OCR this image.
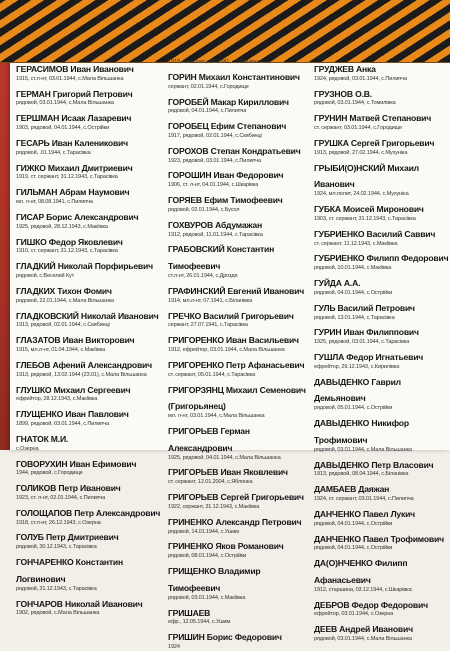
ГЕРАСИМОВ Иван Иванович
1915, ст.л-нт, 03.01.1944, с.Мала Вільшанка
ГЕРМАН Григорий Петрович
рядовой, 03.01.1944, с.Мала Вільшанка
ГЕРШМАН Исаак Лазаревич
1903, рядовой, 04.01.1944, с.Острійки
ГЕСАРЬ Иван Каленикович
рядовой, .01.1944, с.Тарасівка
ГИЖКО Михаил Дмитриевич
1919, ст. сержант, 31.12.1943, с.Тарасівка
ГИЛЬМАН Абрам Наумович
мл. л-нт, 08.08.1941, с.Пилипча
ГИСАР Борис Александрович
1925, рядовой, 28.12.1943, с.Макіївка
ГИШКО Федор Яковлевич
1910, ст. сержант, 31.12.1943, с.Тарасівка
ГЛАДКИЙ Николай Порфирьевич
рядовой, с.Веселий Кут
ГЛАДКИХ Тихон Фомич
рядовой, 22.01.1944, с.Мала Вільшанка
ГЛАДКОВСКИЙ Николай Иванович
1913, рядовой, 02.01.1944, с.Скибинці
ГЛАЗАТОВ Иван Викторович
1915, мл.л-нт, 01.04.1944, с.Макіївка
ГЛЕБОВ Афений Александрович
1913, рядовой, 13.02.1944 (23.01), с.Мала Вільшанка
ГЛУШКО Михаил Сергеевич
ефрейтор, 28.12.1943, с.Макіївка
ГЛУЩЕНКО Иван Павлович
1899, рядовой, 03.01.1944, с.Пилипча
ГНАТОК М.И.
с.Озерна
ГОВОРУХИН Иван Ефимович
1944, рядовой, с.Городище
ГОЛИКОВ Петр Иванович
1923, ст. л-нт, 02.01.1944, с.Пилипча
ГОЛОЩАПОВ Петр Александрович
1918, ст.л-нт, 26.12.1943, с.Озерна
ГОЛУБ Петр Дмитриевич
рядовой, 30.12.1943, с.Тарасівка
ГОНЧАРЕНКО Константин Логвинович
рядовой, 31.12.1943, с.Тарасівка
ГОНЧАРОВ Николай Иванович
1902, рядовой, с.Мала Вільшанка
1918, мл.полит., .07.1941, с.Біланівка
ГОРИН Михаил Константинович
сержант, 02.01.1944, с.Городище
ГОРОБЕЙ Макар Кириллович
рядовой, 04.01.1944, с.Пилипча
ГОРОБЕЦ Ефим Степанович
1917, рядовой, 02.01.1944, с.Скибинці
ГОРОХОВ Степан Кондратьевич
1923, рядовой, 03.01.1944, с.Пилипча
ГОРОШИН Иван Федорович
1906, ст. л-нт, 04.01.1944, с.Шкарівка
ГОРЯЕВ Ефим Тимофеевич
рядовой, 02.01.1944, с.Бусол
ГОХВУРОВ Абдумажан
1912, рядовой, 11.01.1944, с.Тарасівка
ГРАБОВСКИЙ Константин Тимофеевич
ст.л-нт, 26.01.1944, с.Дроздя
ГРАФИНСКИЙ Евгений Иванович
1914, мл.л-нт, 07.1941, с.Біланівка
ГРЕЧКО Василий Григорьевич
сержант, 27.07.1941, с.Тарасівка
ГРИГОРЕНКО Иван Васильевич
1912, ефрейтор, 03.01.1944, с.Мала Вільшанка
ГРИГОРЕНКО Петр Афанасьевич
ст. сержант, 05.01.1944, с.Тарасівка
ГРИГОРЗЯНЦ Михаил Семенович (Григорьянец)
мл. л-нт, 03.01.1944, с.Мала Вільшанка
ГРИГОРЬЕВ Герман Александрович
1925, рядовой, 04.01.1944, с.Мала Вільшанка
ГРИГОРЬЕВ Иван Яковлевич
ст. сержант, 12.01.2004, с.Яблонка
ГРИГОРЬЕВ Сергей Григорьевич
1922, сержант, 31.12.1943, с.Макіївка
ГРИНЕНКО Александр Петрович
рядовой, 14.01.1944, с.Ушим
ГРИНЕНКО Яков Романович
рядовой, 08.01.1944, с.Острійки
ГРИЩЕНКО Владимир Тимофеевич
рядовой, 03.01.1944, с.Макіївка
ГРИШАЕВ
ефр., 12.05.1944, с.Ушим
ГРИШИН Борис Федорович
1924
ГРУДЖЕВ Анка
1924, рядовой, 03.01.1944, с.Пилипча
ГРУЗНОВ О.В.
рядовой, 03.01.1944, с.Томилівка
ГРУНИН Матвей Степанович
ст. сержант, 03.01.1944, с.Городище
ГРУШКА Сергей Григорьевич
1913, рядовой, 27.02.1944, с.Мухуніка
ГРЫБИ(О)НСКИЙ Михаил Иванович
1924, мл.полит, 24.02.1944, с.Мухуніка
ГУБКА Моисей Миронович
1903, ст. сержант, 31.12.1943, с.Тарасівка
ГУБРИЕНКО Василий Саввич
ст. сержант, 11.12.1943, с.Макіївка
ГУБРИЕНКО Филипп Федорович
рядовой, 10.01.1944, с.Макіївка
ГУЙДА А.А.
рядовой, 04.01.1944, с.Острійки
ГУЛЬ Василий Петрович
рядовой, 13.01.1944, с.Тарасівка
ГУРИН Иван Филиппович
1925, рядовой, 03.01.1944, с.Тарасівка
ГУШЛА Федор Игнатьевич
ефрейтор, 29.12.1943, с.Кирилівка
ДАВЫДЕНКО Гаврил Демьянович
рядовой, 05.01.1944, с.Острійки
ДАВЫДЕНКО Никифор Трофимович
рядовой, 03.01.1944, с.Мала Вільшанка
ДАВЫДЕНКО Петр Власович
1913, рядовой, 08.04.1944, с.Біланівка
ДАМБАЕВ Даяжан
1924, ст. сержант, 03.01.1944, с.Пилипча
ДАНЧЕНКО Павел Лукич
рядовой, 04.01.1944, с.Острійки
ДАНЧЕНКО Павел Трофимович
рядовой, 04.01.1944, с.Острійки
ДА(О)НЧЕНКО Филипп Афанасьевич
1912, старшина, 03.12.1944, с.Шкарівка
ДЕБРОВ Федор Федорович
ефрейтор, 03.01.1944, с.Озерна
ДЕЕВ Андрей Иванович
рядовой, 03.01.1944, с.Мала Вільшанка
